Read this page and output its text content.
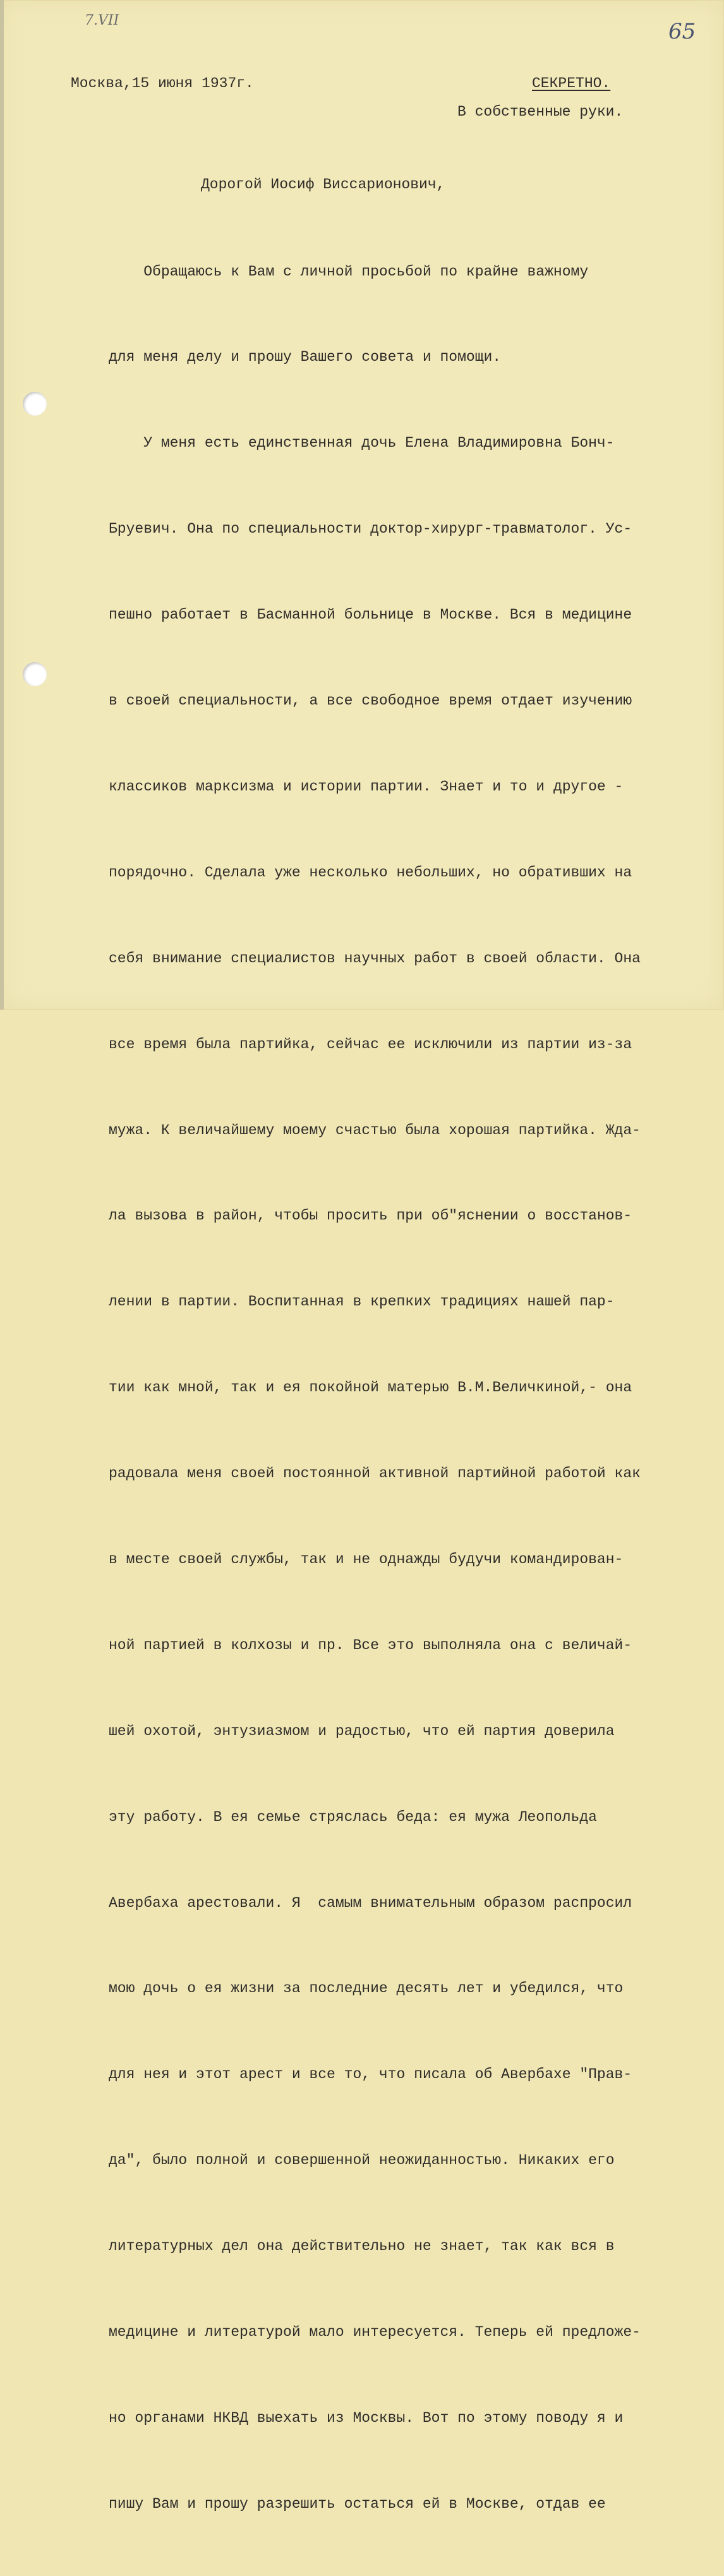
7.VII	65
Москва,15 июня 1937г.	СЕКРЕТНО.
В собственные руки.
Дорогой Иосиф Виссарионович,

Обращаюсь к Вам с личной просьбой по крайне важному

для меня делу и прошу Вашего совета и помощи.

У меня есть единственная дочь Елена Владимировна Бонч-

Бруевич. Она по специальности доктор-хирург-травматолог. Ус-

пешно работает в Басманной больнице в Москве. Вся в медицине

в своей специальности, а все свободное время отдает изучению

классиков марксизма и истории партии. Знает и то и другое -

порядочно. Сделала уже несколько небольших, но обративших на

себя внимание специалистов научных работ в своей области. Она

все время была партийка, сейчас ее исключили из партии из-за

мужа. К величайшему моему счастью была хорошая партийка. Жда-

ла вызова в район, чтобы просить при об"яснении о восстанов-

лении в партии. Воспитанная в крепких традициях нашей пар-

тии как мной, так и ея покойной матерью В.М.Величкиной,- она

радовала меня своей постоянной активной партийной работой как

в месте своей службы, так и не однажды будучи командирован-

ной партией в колхозы и пр. Все это выполняла она с величай-

шей охотой, энтузиазмом и радостью, что ей партия доверила

эту работу. В ея семье стряслась беда: ея мужа Леопольда

Авербаха арестовали. Я  самым внимательным образом распросил

мою дочь о ея жизни за последние десять лет и убедился, что

для нея и этот арест и все то, что писала об Авербахе "Прав-

да", было полной и совершенной неожиданностью. Никаких его

литературных дел она действительно не знает, так как вся в

медицине и литературой мало интересуется. Теперь ей предложе-

но органами НКВД выехать из Москвы. Вот по этому поводу я и

пишу Вам и прошу разрешить остаться ей в Москве, отдав ее
